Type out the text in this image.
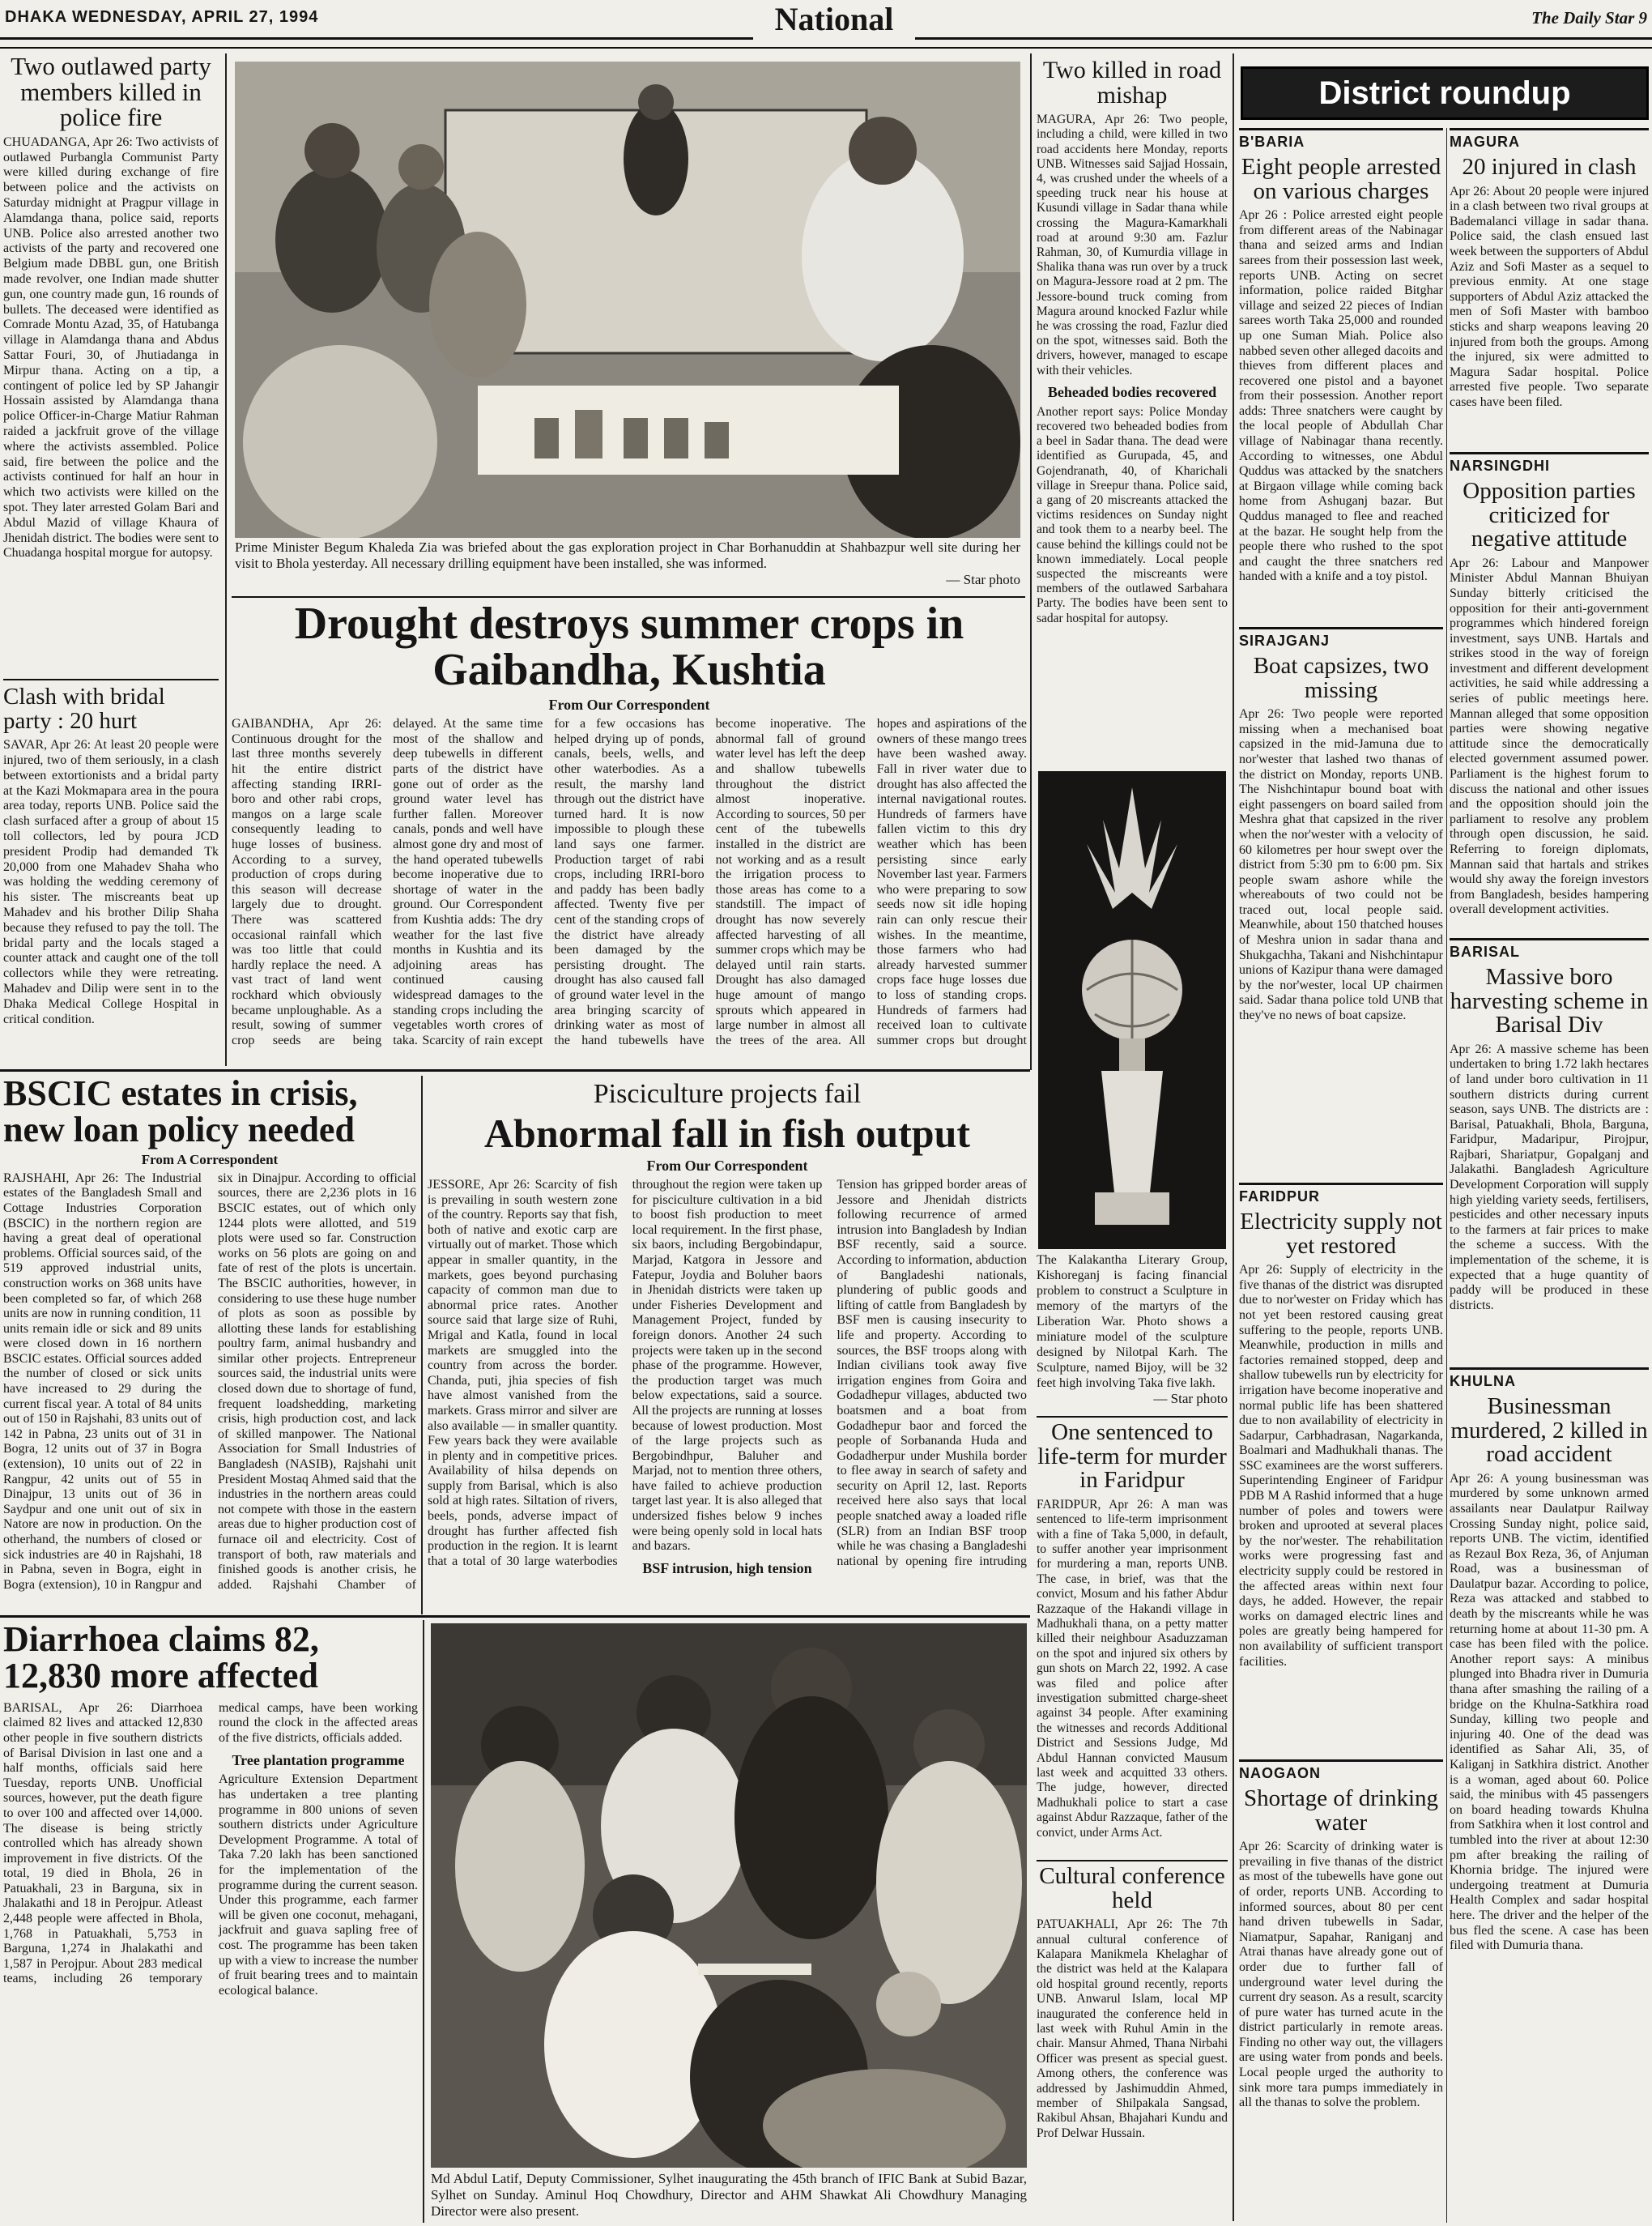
DHAKA WEDNESDAY, APRIL 27, 1994	National	The Daily Star 9
Two outlawed party members killed in police fire
CHUADANGA, Apr 26: Two activists of outlawed Purbangla Communist Party were killed during exchange of fire between police and the activists on Saturday midnight at Pragpur village in Alamdanga thana, police said, reports UNB. Police also arrested another two activists of the party and recovered one Belgium made DBBL gun, one British made revolver, one Indian made shutter gun, one country made gun, 16 rounds of bullets. The deceased were identified as Comrade Montu Azad, 35, of Hatubanga village in Alamdanga thana and Abdus Sattar Fouri, 30, of Jhutiadanga in Mirpur thana. Acting on a tip, a contingent of police led by SP Jahangir Hossain assisted by Alamdanga thana police Officer-in-Charge Matiur Rahman raided a jackfruit grove of the village where the activists assembled. Police said, fire between the police and the activists continued for half an hour in which two activists were killed on the spot. They later arrested Golam Bari and Abdul Mazid of village Khaura of Jhenidah district. The bodies were sent to Chuadanga hospital morgue for autopsy.
Clash with bridal party : 20 hurt
SAVAR, Apr 26: At least 20 people were injured, two of them seriously, in a clash between extortionists and a bridal party at the Kazi Mokmapara area in the poura area today, reports UNB. Police said the clash surfaced after a group of about 15 toll collectors, led by poura JCD president Prodip had demanded Tk 20,000 from one Mahadev Shaha who was holding the wedding ceremony of his sister. The miscreants beat up Mahadev and his brother Dilip Shaha because they refused to pay the toll. The bridal party and the locals staged a counter attack and caught one of the toll collectors while they were retreating. Mahadev and Dilip were sent in to the Dhaka Medical College Hospital in critical condition.
Prime Minister Begum Khaleda Zia was briefed about the gas exploration project in Char Borhanuddin at Shahbazpur well site during her visit to Bhola yesterday. All necessary drilling equipment have been installed, she was informed.
— Star photo
Drought destroys summer crops in Gaibandha, Kushtia
From Our Correspondent
GAIBANDHA, Apr 26: Continuous drought for the last three months severely hit the entire district affecting standing IRRI-boro and other rabi crops, mangos on a large scale consequently leading to huge losses of business. According to a survey, production of crops during this season will decrease largely due to drought. There was scattered occasional rainfall which was too little that could hardly replace the need. A vast tract of land went rockhard which obviously became unploughable. As a result, sowing of summer crop seeds are being delayed. At the same time most of the shallow and deep tubewells in different parts of the district have gone out of order as the ground water level has further fallen. Moreover canals, ponds and well have almost gone dry and most of the hand operated tubewells become inoperative due to shortage of water in the ground. Our Correspondent from Kushtia adds: The dry weather for the last five months in Kushtia and its adjoining areas has continued causing widespread damages to the standing crops including the vegetables worth crores of taka. Scarcity of rain except for a few occasions has helped drying up of ponds, canals, beels, wells, and other waterbodies. As a result, the marshy land through out the district have turned hard. It is now impossible to plough these land says one farmer. Production target of rabi crops, including IRRI-boro and paddy has been badly affected. Twenty five per cent of the standing crops of the district have already been damaged by the persisting drought. The drought has also caused fall of ground water level in the area bringing scarcity of drinking water as most of the hand tubewells have become inoperative. The abnormal fall of ground water level has left the deep and shallow tubewells throughout the district almost inoperative. According to sources, 50 per cent of the tubewells installed in the district are not working and as a result the irrigation process to those areas has come to a standstill. The impact of drought has now severely affected harvesting of all summer crops which may be delayed until rain starts. Drought has also damaged huge amount of mango sprouts which appeared in large number in almost all the trees of the area. All hopes and aspirations of the owners of these mango trees have been washed away. Fall in river water due to drought has also affected the internal navigational routes. Hundreds of farmers have fallen victim to this dry weather which has been persisting since early November last year. Farmers who were preparing to sow seeds now sit idle hoping rain can only rescue their wishes. In the meantime, those farmers who had already harvested summer crops face huge losses due to loss of standing crops. Hundreds of farmers had received loan to cultivate summer crops but drought
Two killed in road mishap
MAGURA, Apr 26: Two people, including a child, were killed in two road accidents here Monday, reports UNB. Witnesses said Sajjad Hossain, 4, was crushed under the wheels of a speeding truck near his house at Kusundi village in Sadar thana while crossing the Magura-Kamarkhali road at around 9:30 am. Fazlur Rahman, 30, of Kumurdia village in Shalika thana was run over by a truck on Magura-Jessore road at 2 pm. The Jessore-bound truck coming from Magura around knocked Fazlur while he was crossing the road, Fazlur died on the spot, witnesses said. Both the drivers, however, managed to escape with their vehicles.
Beheaded bodies recovered
Another report says: Police Monday recovered two beheaded bodies from a beel in Sadar thana. The dead were identified as Gurupada, 45, and Gojendranath, 40, of Kharichali village in Sreepur thana. Police said, a gang of 20 miscreants attacked the victims residences on Sunday night and took them to a nearby beel. The cause behind the killings could not be known immediately. Local people suspected the miscreants were members of the outlawed Sarbahara Party. The bodies have been sent to sadar hospital for autopsy.
The Kalakantha Literary Group, Kishoreganj is facing financial problem to construct a Sculpture in memory of the martyrs of the Liberation War. Photo shows a miniature model of the sculpture designed by Nilotpal Karh. The Sculpture, named Bijoy, will be 32 feet high involving Taka five lakh.
— Star photo
One sentenced to life-term for murder in Faridpur
FARIDPUR, Apr 26: A man was sentenced to life-term imprisonment with a fine of Taka 5,000, in default, to suffer another year imprisonment for murdering a man, reports UNB. The case, in brief, was that the convict, Mosum and his father Abdur Razzaque of the Hakandi village in Madhukhali thana, on a petty matter killed their neighbour Asaduzzaman on the spot and injured six others by gun shots on March 22, 1992. A case was filed and police after investigation submitted charge-sheet against 34 people. After examining the witnesses and records Additional District and Sessions Judge, Md Abdul Hannan convicted Mausum last week and acquitted 33 others. The judge, however, directed Madhukhali police to start a case against Abdur Razzaque, father of the convict, under Arms Act.
Cultural conference held
PATUAKHALI, Apr 26: The 7th annual cultural conference of Kalapara Manikmela Khelaghar of the district was held at the Kalapara old hospital ground recently, reports UNB. Anwarul Islam, local MP inaugurated the conference held in last week with Ruhul Amin in the chair. Mansur Ahmed, Thana Nirbahi Officer was present as special guest. Among others, the conference was addressed by Jashimuddin Ahmed, member of Shilpakala Sangsad, Rakibul Ahsan, Bhajahari Kundu and Prof Delwar Hussain.
District roundup
B'BARIA
Eight people arrested on various charges
Apr 26 : Police arrested eight people from different areas of the Nabinagar thana and seized arms and Indian sarees from their possession last week, reports UNB. Acting on secret information, police raided Bitghar village and seized 22 pieces of Indian sarees worth Taka 25,000 and rounded up one Suman Miah. Police also nabbed seven other alleged dacoits and thieves from different places and recovered one pistol and a bayonet from their possession. Another report adds: Three snatchers were caught by the local people of Abdullah Char village of Nabinagar thana recently. According to witnesses, one Abdul Quddus was attacked by the snatchers at Birgaon village while coming back home from Ashuganj bazar. But Quddus managed to flee and reached at the bazar. He sought help from the people there who rushed to the spot and caught the three snatchers red handed with a knife and a toy pistol.
SIRAJGANJ
Boat capsizes, two missing
Apr 26: Two people were reported missing when a mechanised boat capsized in the mid-Jamuna due to nor'wester that lashed two thanas of the district on Monday, reports UNB. The Nishchintapur bound boat with eight passengers on board sailed from Meshra ghat that capsized in the river when the nor'wester with a velocity of 60 kilometres per hour swept over the district from 5:30 pm to 6:00 pm. Six people swam ashore while the whereabouts of two could not be traced out, local people said. Meanwhile, about 150 thatched houses of Meshra union in sadar thana and Shukgachha, Takani and Nishchintapur unions of Kazipur thana were damaged by the nor'wester, local UP chairmen said. Sadar thana police told UNB that they've no news of boat capsize.
FARIDPUR
Electricity supply not yet restored
Apr 26: Supply of electricity in the five thanas of the district was disrupted due to nor'wester on Friday which has not yet been restored causing great suffering to the people, reports UNB. Meanwhile, production in mills and factories remained stopped, deep and shallow tubewells run by electricity for irrigation have become inoperative and normal public life has been shattered due to non availability of electricity in Sadarpur, Carbhadrasan, Nagarkanda, Boalmari and Madhukhali thanas. The SSC examinees are the worst sufferers. Superintending Engineer of Faridpur PDB M A Rashid informed that a huge number of poles and towers were broken and uprooted at several places by the nor'wester. The rehabilitation works were progressing fast and electricity supply could be restored in the affected areas within next four days, he added. However, the repair works on damaged electric lines and poles are greatly being hampered for non availability of sufficient transport facilities.
NAOGAON
Shortage of drinking water
Apr 26: Scarcity of drinking water is prevailing in five thanas of the district as most of the tubewells have gone out of order, reports UNB. According to informed sources, about 80 per cent hand driven tubewells in Sadar, Niamatpur, Sapahar, Raniganj and Atrai thanas have already gone out of order due to further fall of underground water level during the current dry season. As a result, scarcity of pure water has turned acute in the district particularly in remote areas. Finding no other way out, the villagers are using water from ponds and beels. Local people urged the authority to sink more tara pumps immediately in all the thanas to solve the problem.
MAGURA
20 injured in clash
Apr 26: About 20 people were injured in a clash between two rival groups at Bademalanci village in sadar thana. Police said, the clash ensued last week between the supporters of Abdul Aziz and Sofi Master as a sequel to previous enmity. At one stage supporters of Abdul Aziz attacked the men of Sofi Master with bamboo sticks and sharp weapons leaving 20 injured from both the groups. Among the injured, six were admitted to Magura Sadar hospital. Police arrested five people. Two separate cases have been filed.
NARSINGDHI
Opposition parties criticized for negative attitude
Apr 26: Labour and Manpower Minister Abdul Mannan Bhuiyan Sunday bitterly criticised the opposition for their anti-government programmes which hindered foreign investment, says UNB. Hartals and strikes stood in the way of foreign investment and different development activities, he said while addressing a series of public meetings here. Mannan alleged that some opposition parties were showing negative attitude since the democratically elected government assumed power. Parliament is the highest forum to discuss the national and other issues and the opposition should join the parliament to resolve any problem through open discussion, he said. Referring to foreign diplomats, Mannan said that hartals and strikes would shy away the foreign investors from Bangladesh, besides hampering overall development activities.
BARISAL
Massive boro harvesting scheme in Barisal Div
Apr 26: A massive scheme has been undertaken to bring 1.72 lakh hectares of land under boro cultivation in 11 southern districts during current season, says UNB. The districts are : Barisal, Patuakhali, Bhola, Barguna, Faridpur, Madaripur, Pirojpur, Rajbari, Shariatpur, Gopalganj and Jalakathi. Bangladesh Agriculture Development Corporation will supply high yielding variety seeds, fertilisers, pesticides and other necessary inputs to the farmers at fair prices to make the scheme a success. With the implementation of the scheme, it is expected that a huge quantity of paddy will be produced in these districts.
KHULNA
Businessman murdered, 2 killed in road accident
Apr 26: A young businessman was murdered by some unknown armed assailants near Daulatpur Railway Crossing Sunday night, police said, reports UNB. The victim, identified as Rezaul Box Reza, 36, of Anjuman Road, was a businessman of Daulatpur bazar. According to police, Reza was attacked and stabbed to death by the miscreants while he was returning home at about 11-30 pm. A case has been filed with the police. Another report says: A minibus plunged into Bhadra river in Dumuria thana after smashing the railing of a bridge on the Khulna-Satkhira road Sunday, killing two people and injuring 40. One of the dead was identified as Sahar Ali, 35, of Kaliganj in Satkhira district. Another is a woman, aged about 60. Police said, the minibus with 45 passengers on board heading towards Khulna from Satkhira when it lost control and tumbled into the river at about 12:30 pm after breaking the railing of Khornia bridge. The injured were undergoing treatment at Dumuria Health Complex and sadar hospital here. The driver and the helper of the bus fled the scene. A case has been filed with Dumuria thana.
BSCIC estates in crisis, new loan policy needed
From A Correspondent
RAJSHAHI, Apr 26: The Industrial estates of the Bangladesh Small and Cottage Industries Corporation (BSCIC) in the northern region are having a great deal of operational problems. Official sources said, of the 519 approved industrial units, construction works on 368 units have been completed so far, of which 268 units are now in running condition, 11 units remain idle or sick and 89 units were closed down in 16 northern BSCIC estates. Official sources added the number of closed or sick units have increased to 29 during the current fiscal year. A total of 84 units out of 150 in Rajshahi, 83 units out of 142 in Pabna, 23 units out of 31 in Bogra, 12 units out of 37 in Bogra (extension), 10 units out of 22 in Rangpur, 42 units out of 55 in Dinajpur, 13 units out of 36 in Saydpur and one unit out of six in Natore are now in production. On the otherhand, the numbers of closed or sick industries are 40 in Rajshahi, 18 in Pabna, seven in Bogra, eight in Bogra (extension), 10 in Rangpur and six in Dinajpur. According to official sources, there are 2,236 plots in 16 BSCIC estates, out of which only 1244 plots were allotted, and 519 plots were used so far. Construction works on 56 plots are going on and fate of rest of the plots is uncertain. The BSCIC authorities, however, in considering to use these huge number of plots as soon as possible by allotting these lands for establishing poultry farm, animal husbandry and similar other projects. Entrepreneur sources said, the industrial units were closed down due to shortage of fund, frequent loadshedding, marketing crisis, high production cost, and lack of skilled manpower. The National Association for Small Industries of Bangladesh (NASIB), Rajshahi unit President Mostaq Ahmed said that the industries in the northern areas could not compete with those in the eastern areas due to higher production cost of furnace oil and electricity. Cost of transport of both, raw materials and finished goods is another crisis, he added. Rajshahi Chamber of
Pisciculture projects fail
Abnormal fall in fish output
From Our Correspondent
JESSORE, Apr 26: Scarcity of fish is prevailing in south western zone of the country. Reports say that fish, both of native and exotic carp are virtually out of market. Those which appear in smaller quantity, in the markets, goes beyond purchasing capacity of common man due to abnormal price rates. Another source said that large size of Ruhi, Mrigal and Katla, found in local markets are smuggled into the country from across the border. Chanda, puti, jhia species of fish have almost vanished from the markets. Grass mirror and silver are also available — in smaller quantity. Few years back they were available in plenty and in competitive prices. Availability of hilsa depends on supply from Barisal, which is also sold at high rates. Siltation of rivers, beels, ponds, adverse impact of drought has further affected fish production in the region. It is learnt that a total of 30 large waterbodies throughout the region were taken up for pisciculture cultivation in a bid to boost fish production to meet local requirement. In the first phase, six baors, including Bergobindapur, Marjad, Katgora in Jessore and Fatepur, Joydia and Boluher baors in Jhenidah districts were taken up under Fisheries Development and Management Project, funded by foreign donors. Another 24 such projects were taken up in the second phase of the programme. However, the production target was much below expectations, said a source. All the projects are running at losses because of lowest production. Most of the large projects such as Bergobindhpur, Baluher and Marjad, not to mention three others, have failed to achieve production target last year. It is also alleged that undersized fishes below 9 inches were being openly sold in local hats and bazars.
BSF intrusion, high tension
Tension has gripped border areas of Jessore and Jhenidah districts following recurrence of armed intrusion into Bangladesh by Indian BSF recently, said a source. According to information, abduction of Bangladeshi nationals, plundering of public goods and lifting of cattle from Bangladesh by BSF men is causing insecurity to life and property. According to sources, the BSF troops along with Indian civilians took away five irrigation engines from Goira and Godadhepur villages, abducted two boatsmen and a boat from Godadhepur baor and forced the people of Sorbananda Huda and Godadherpur under Mushila border to flee away in search of safety and security on April 12, last. Reports received here also says that local people snatched away a loaded rifle (SLR) from an Indian BSF troop while he was chasing a Bangladeshi national by opening fire intruding
Diarrhoea claims 82, 12,830 more affected
BARISAL, Apr 26: Diarrhoea claimed 82 lives and attacked 12,830 other people in five southern districts of Barisal Division in last one and a half months, officials said here Tuesday, reports UNB. Unofficial sources, however, put the death figure to over 100 and affected over 14,000. The disease is being strictly controlled which has already shown improvement in five districts. Of the total, 19 died in Bhola, 26 in Patuakhali, 23 in Barguna, six in Jhalakathi and 18 in Perojpur. Atleast 2,448 people were affected in Bhola, 1,768 in Patuakhali, 5,753 in Barguna, 1,274 in Jhalakathi and 1,587 in Perojpur. About 283 medical teams, including 26 temporary medical camps, have been working round the clock in the affected areas of the five districts, officials added.
Tree plantation programme
Agriculture Extension Department has undertaken a tree planting programme in 800 unions of seven southern districts under Agriculture Development Programme. A total of Taka 7.20 lakh has been sanctioned for the implementation of the programme during the current season. Under this programme, each farmer will be given one coconut, mehagani, jackfruit and guava sapling free of cost. The programme has been taken up with a view to increase the number of fruit bearing trees and to maintain ecological balance.
Md Abdul Latif, Deputy Commissioner, Sylhet inaugurating the 45th branch of IFIC Bank at Subid Bazar, Sylhet on Sunday. Aminul Hoq Chowdhury, Director and AHM Shawkat Ali Chowdhury Managing Director were also present.
